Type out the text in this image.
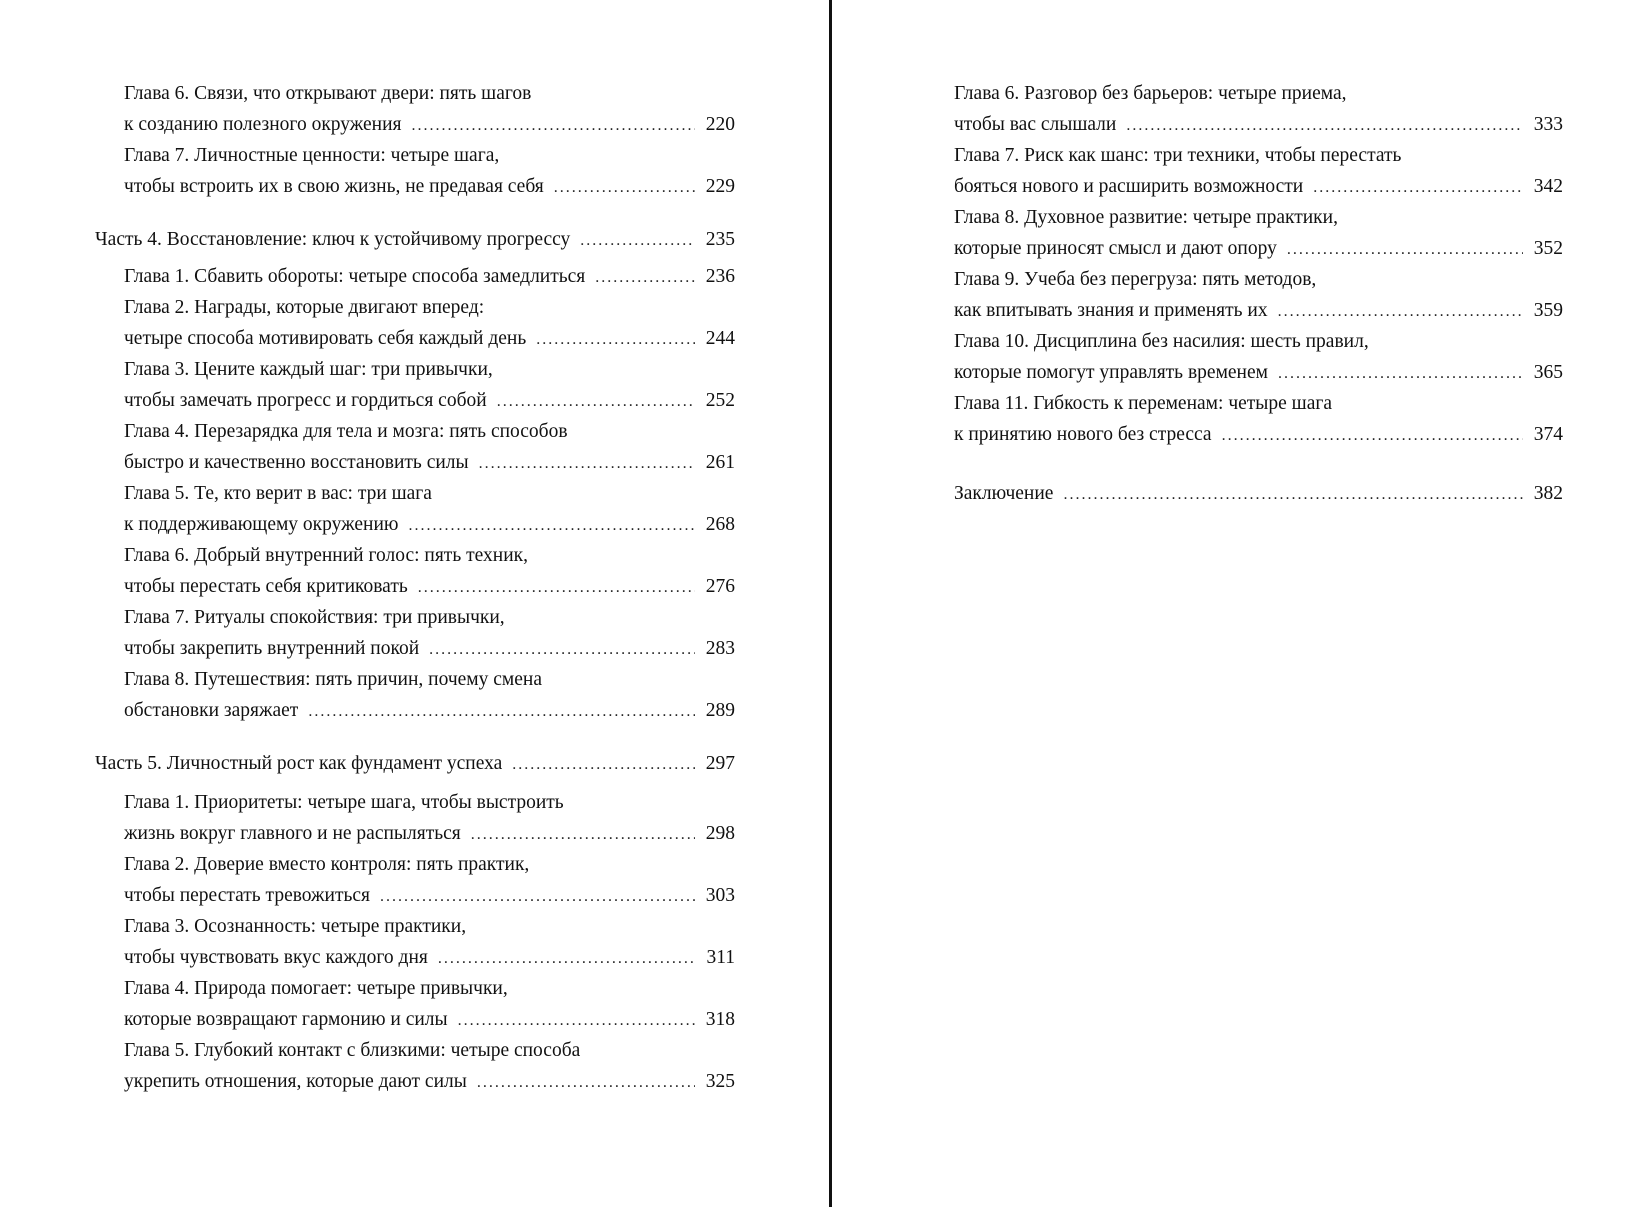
Глава 6. Связи, что открывают двери: пять шагов
к созданию полезного окружения .....	220
Глава 7. Личностные ценности: четыре шага,
чтобы встроить их в свою жизнь, не предавая себя .....	229
Часть 4. Восстановление: ключ к устойчивому прогрессу .....	235
Глава 1. Сбавить обороты: четыре способа замедлиться .....	236
Глава 2. Награды, которые двигают вперед:
четыре способа мотивировать себя каждый день .....	244
Глава 3. Цените каждый шаг: три привычки,
чтобы замечать прогресс и гордиться собой .....	252
Глава 4. Перезарядка для тела и мозга: пять способов
быстро и качественно восстановить силы .....	261
Глава 5. Те, кто верит в вас: три шага
к поддерживающему окружению .....	268
Глава 6. Добрый внутренний голос: пять техник,
чтобы перестать себя критиковать .....	276
Глава 7. Ритуалы спокойствия: три привычки,
чтобы закрепить внутренний покой .....	283
Глава 8. Путешествия: пять причин, почему смена
обстановки заряжает .....	289
Часть 5. Личностный рост как фундамент успеха .....	297
Глава 1. Приоритеты: четыре шага, чтобы выстроить
жизнь вокруг главного и не распыляться .....	298
Глава 2. Доверие вместо контроля: пять практик,
чтобы перестать тревожиться .....	303
Глава 3. Осознанность: четыре практики,
чтобы чувствовать вкус каждого дня .....	311
Глава 4. Природа помогает: четыре привычки,
которые возвращают гармонию и силы .....	318
Глава 5. Глубокий контакт с близкими: четыре способа
укрепить отношения, которые дают силы .....	325
Глава 6. Разговор без барьеров: четыре приема,
чтобы вас слышали .....	333
Глава 7. Риск как шанс: три техники, чтобы перестать
бояться нового и расширить возможности .....	342
Глава 8. Духовное развитие: четыре практики,
которые приносят смысл и дают опору .....	352
Глава 9. Учеба без перегруза: пять методов,
как впитывать знания и применять их .....	359
Глава 10. Дисциплина без насилия: шесть правил,
которые помогут управлять временем .....	365
Глава 11. Гибкость к переменам: четыре шага
к принятию нового без стресса .....	374
Заключение .....	382
